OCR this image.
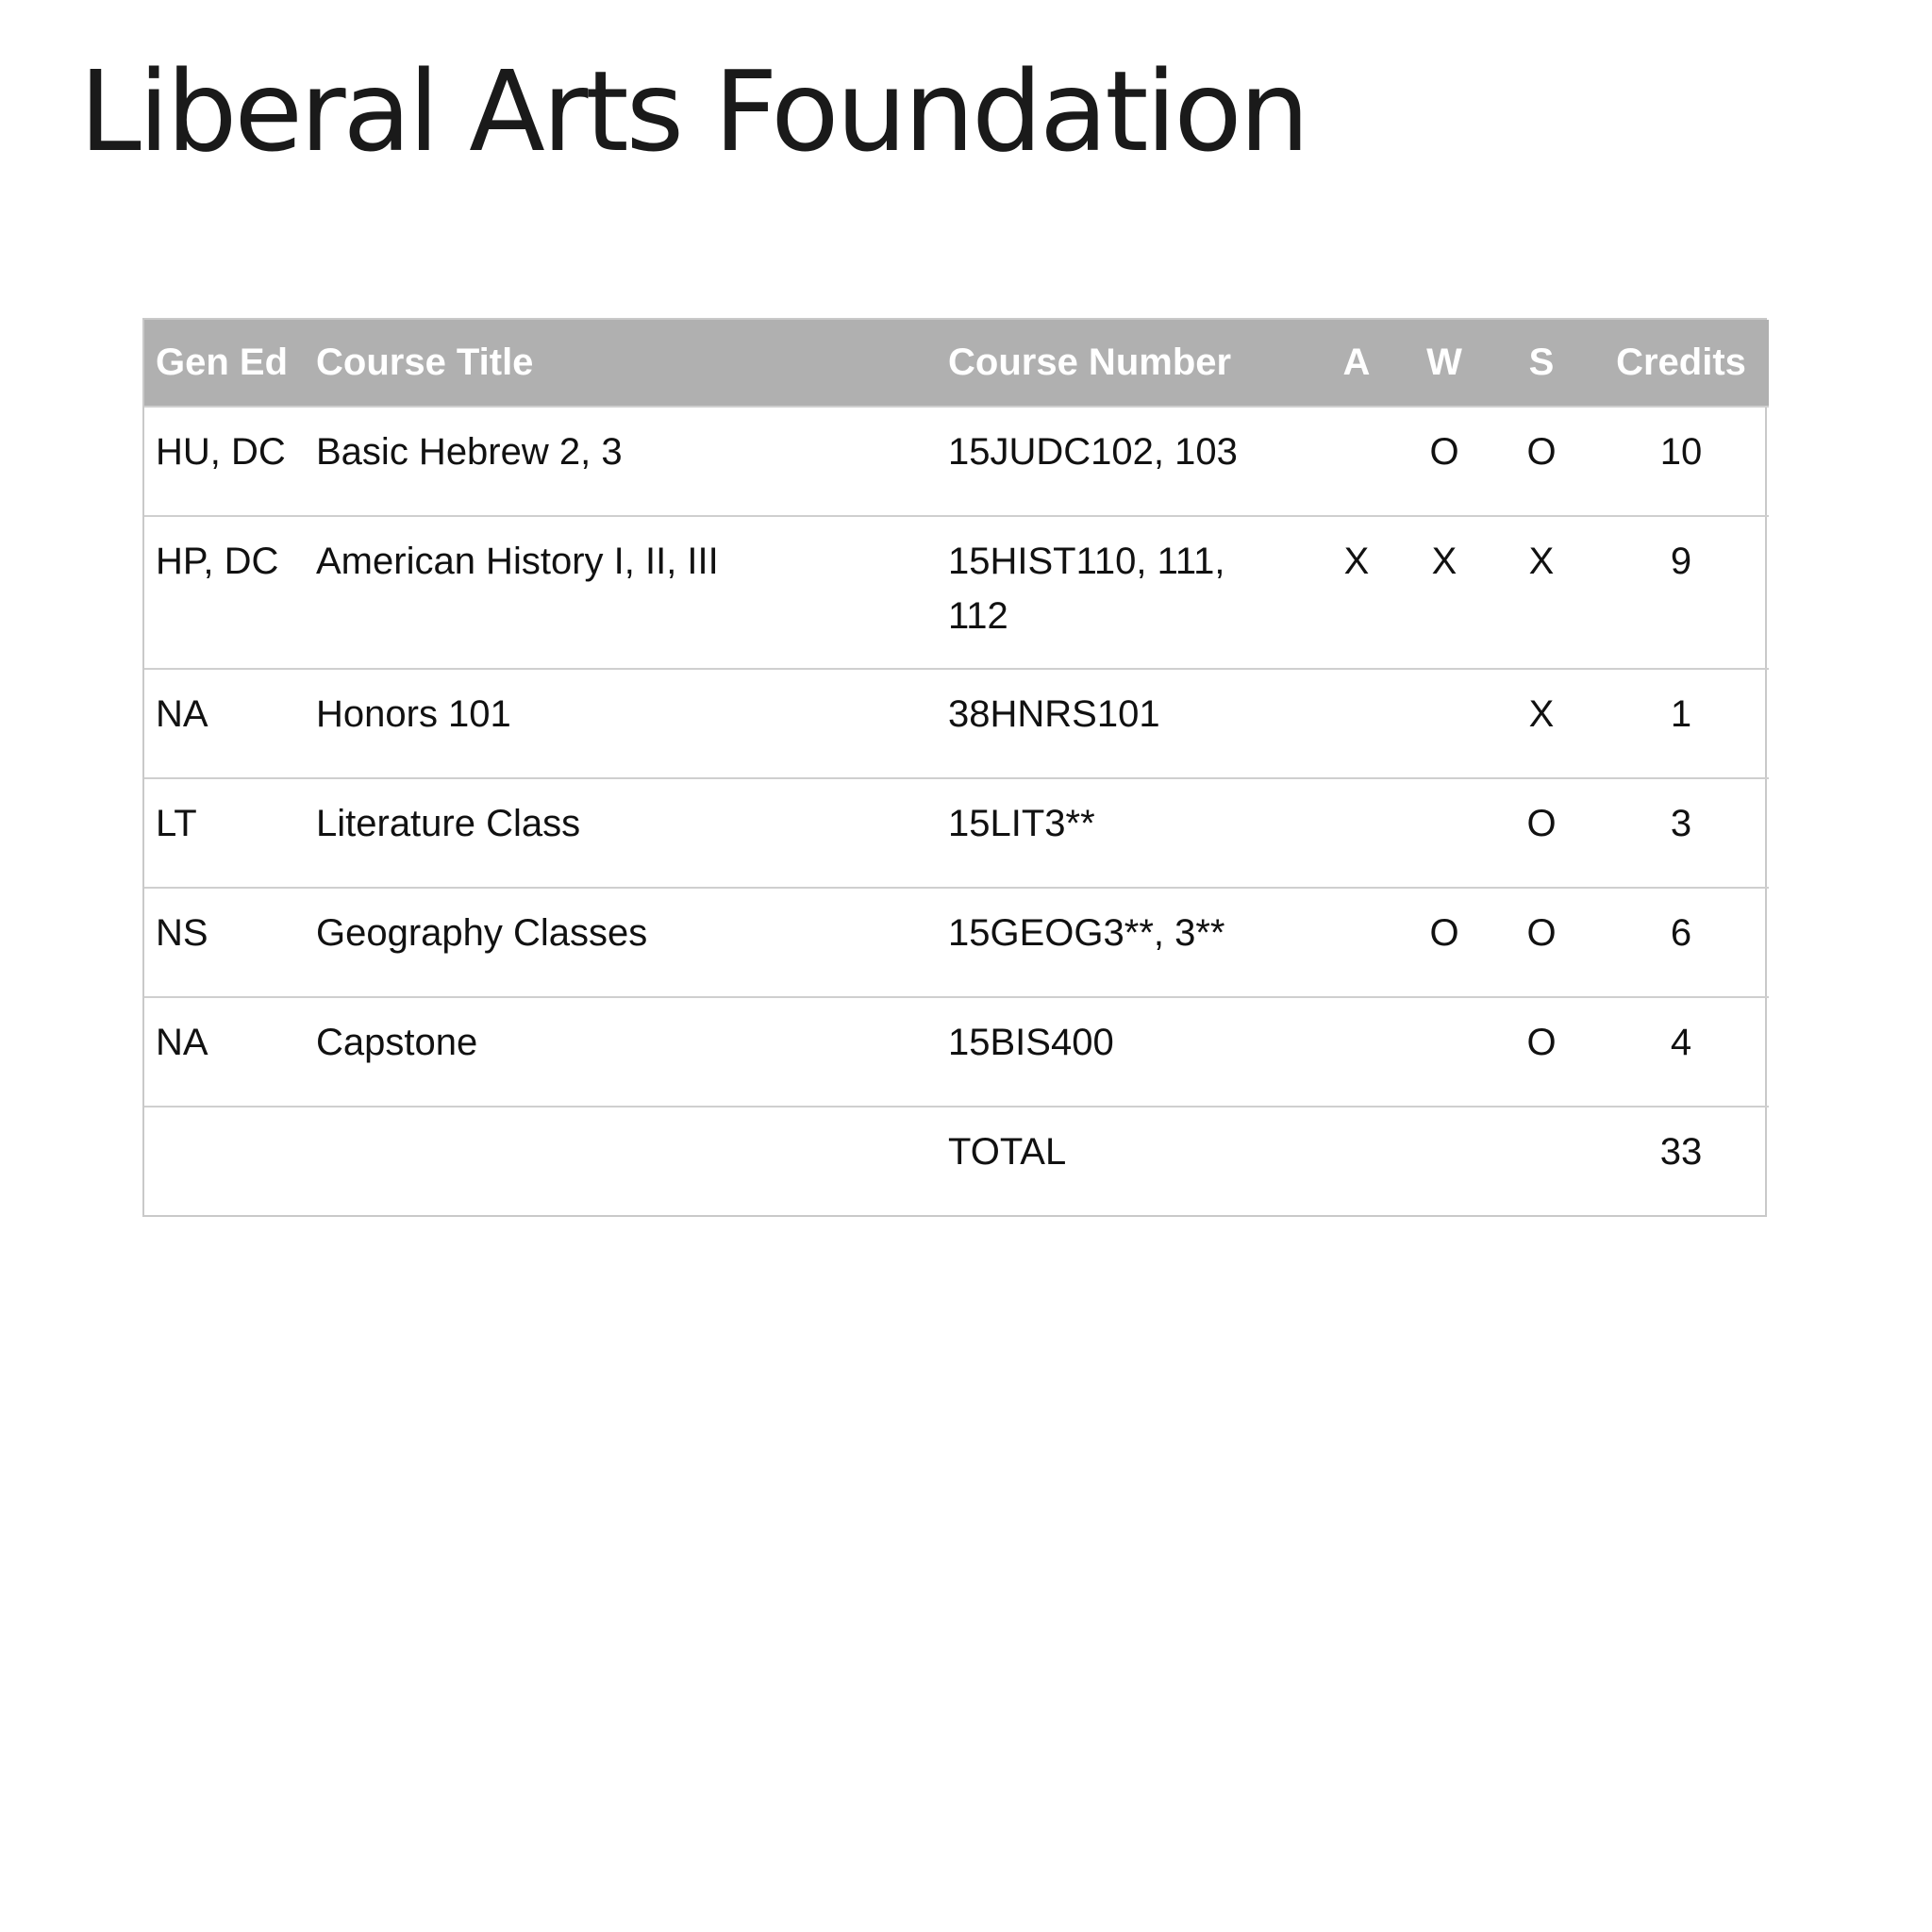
Liberal Arts Foundation
Gen Ed	Course Title	Course Number	A	W	S	Credits
HU, DC	Basic Hebrew 2, 3	15JUDC102, 103		O	O	10
HP, DC	American History I, II, III	15HIST110, 111, 112	X	X	X	9
NA	Honors 101	38HNRS101			X	1
LT	Literature Class	15LIT3**			O	3
NS	Geography Classes	15GEOG3**, 3**		O	O	6
NA	Capstone	15BIS400			O	4
		TOTAL				33
